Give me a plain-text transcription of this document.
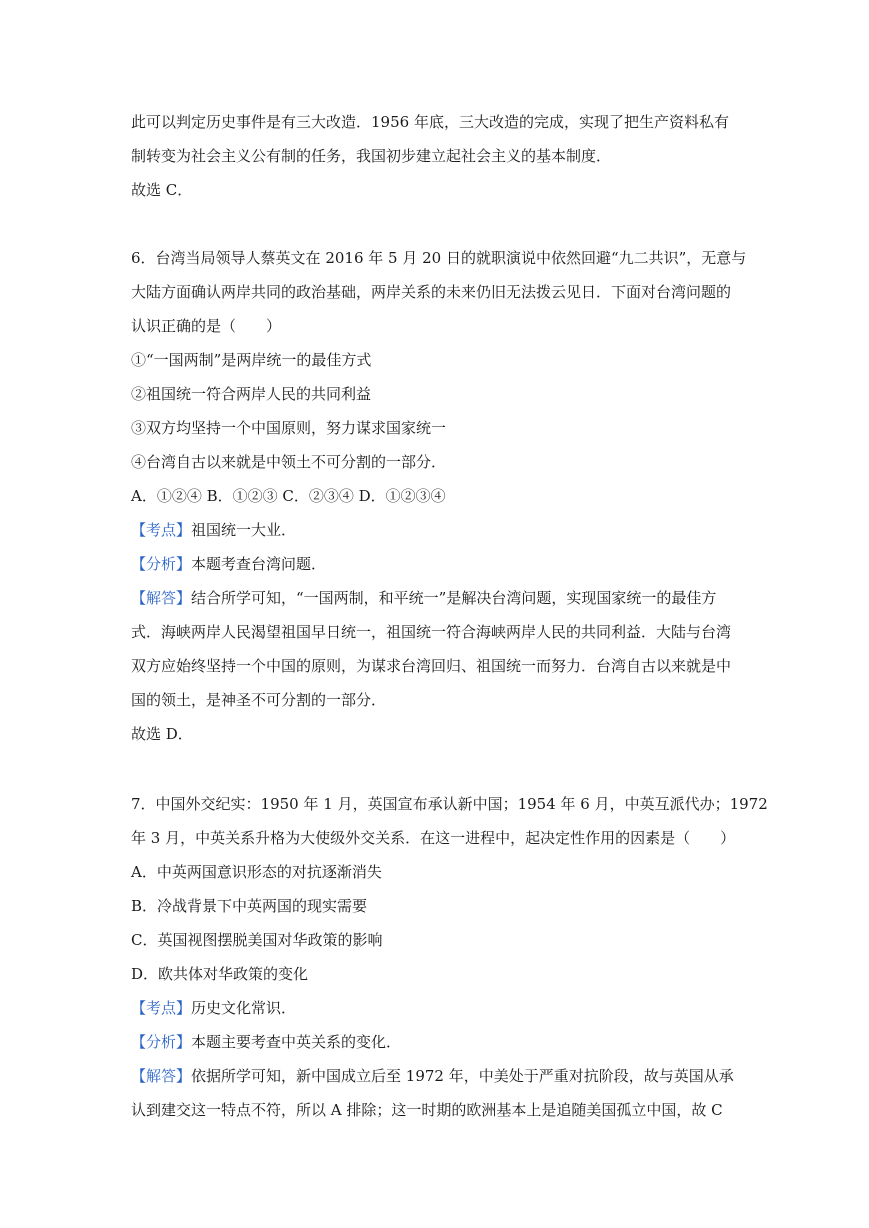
此可以判定历史事件是有三大改造．1956 年底，三大改造的完成，实现了把生产资料私有
制转变为社会主义公有制的任务，我国初步建立起社会主义的基本制度．
故选 C．
6．台湾当局领导人蔡英文在 2016 年 5 月 20 日的就职演说中依然回避“九二共识”，无意与
大陆方面确认两岸共同的政治基础，两岸关系的未来仍旧无法拨云见日．下面对台湾问题的
认识正确的是（　　）
①“一国两制”是两岸统一的最佳方式
②祖国统一符合两岸人民的共同利益
③双方均坚持一个中国原则，努力谋求国家统一
④台湾自古以来就是中领土不可分割的一部分．
A．①②④ B．①②③ C．②③④ D．①②③④
【考点】祖国统一大业．
【分析】本题考查台湾问题．
【解答】结合所学可知，“一国两制，和平统一”是解决台湾问题，实现国家统一的最佳方
式．海峡两岸人民渴望祖国早日统一，祖国统一符合海峡两岸人民的共同利益．大陆与台湾
双方应始终坚持一个中国的原则，为谋求台湾回归、祖国统一而努力．台湾自古以来就是中
国的领土，是神圣不可分割的一部分．
故选 D．
7．中国外交纪实：1950 年 1 月，英国宣布承认新中国；1954 年 6 月，中英互派代办；1972
年 3 月，中英关系升格为大使级外交关系．在这一进程中，起决定性作用的因素是（　　）
A．中英两国意识形态的对抗逐渐消失
B．冷战背景下中英两国的现实需要
C．英国视图摆脱美国对华政策的影响
D．欧共体对华政策的变化
【考点】历史文化常识．
【分析】本题主要考查中英关系的变化．
【解答】依据所学可知，新中国成立后至 1972 年，中美处于严重对抗阶段，故与英国从承
认到建交这一特点不符，所以 A 排除；这一时期的欧洲基本上是追随美国孤立中国，故 C
